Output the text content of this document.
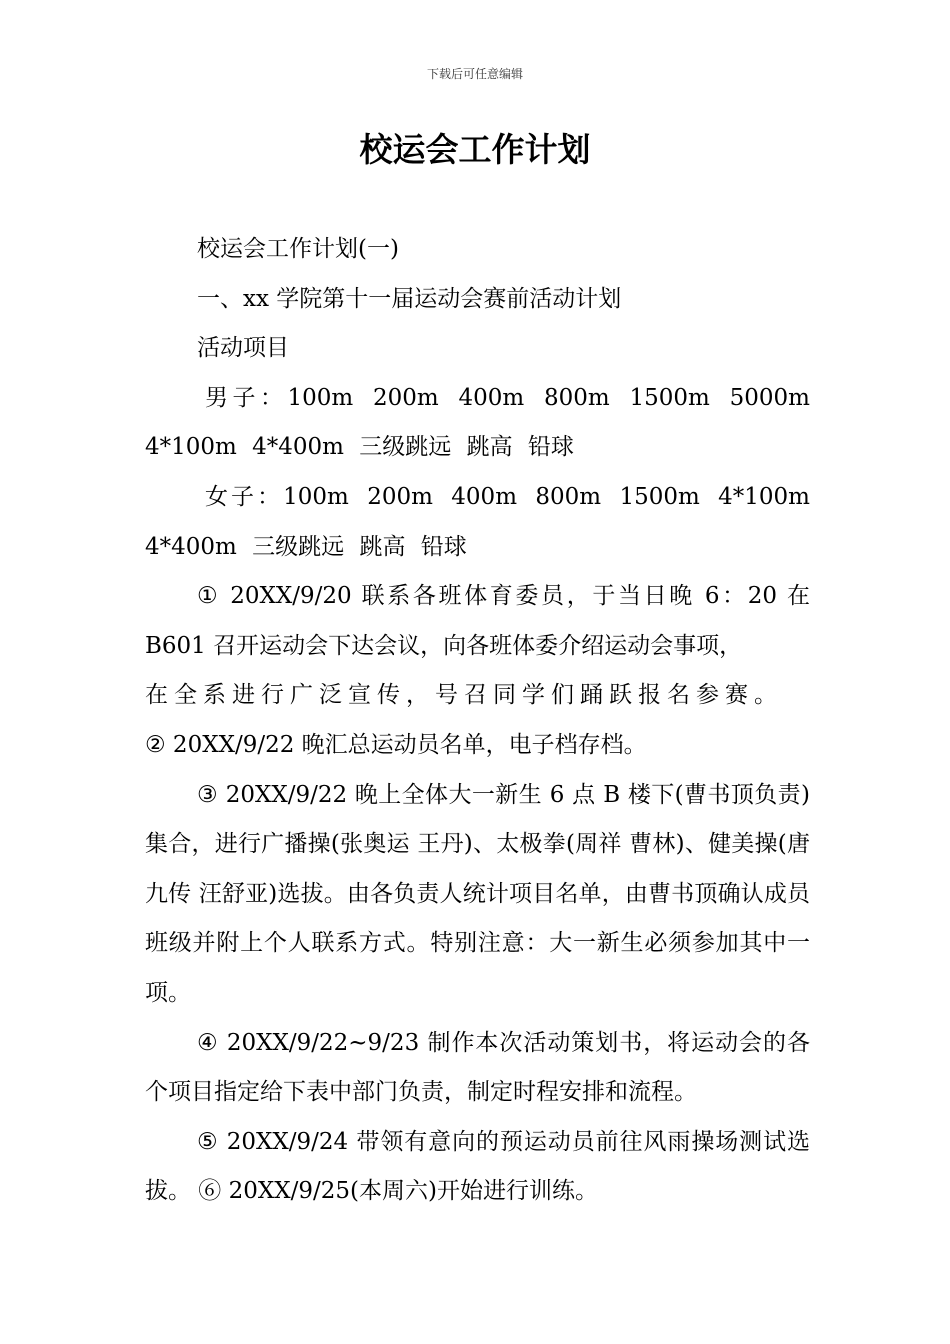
下载后可任意编辑
校运会工作计划

校运会工作计划(一)

一、xx 学院第十一届运动会赛前活动计划

活动项目

男子：100m 200m 400m 800m 1500m 5000m 4*100m 4*400m 三级跳远 跳高 铅球

女子：100m 200m 400m 800m 1500m 4*100m 4*400m 三级跳远 跳高 铅球

① 20XX/9/20 联系各班体育委员，于当日晚 6：20 在 B601 召开运动会下达会议，向各班体委介绍运动会事项，

在全系进行广泛宣传，号召同学们踊跃报名参赛。

② 20XX/9/22 晚汇总运动员名单，电子档存档。

③ 20XX/9/22 晚上全体大一新生 6 点 B 楼下(曹书顶负责)集合，进行广播操(张奥运 王丹)、太极拳(周祥 曹林)、健美操(唐九传 汪舒亚)选拔。由各负责人统计项目名单，由曹书顶确认成员班级并附上个人联系方式。特别注意：大一新生必须参加其中一项。

④ 20XX/9/22~9/23 制作本次活动策划书，将运动会的各个项目指定给下表中部门负责，制定时程安排和流程。

⑤ 20XX/9/24 带领有意向的预运动员前往风雨操场测试选拔。 ⑥ 20XX/9/25(本周六)开始进行训练。
